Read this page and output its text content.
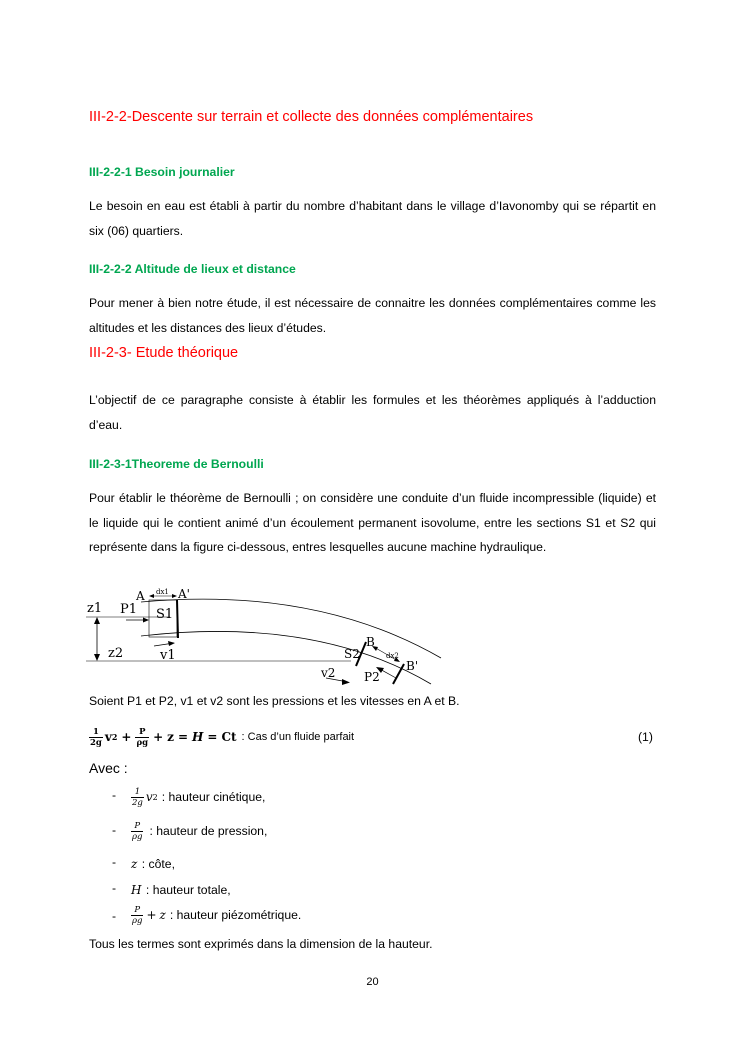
III-2-2-Descente sur terrain et collecte des données complémentaires
III-2-2-1 Besoin journalier
Le besoin en eau est établi à partir du nombre d’habitant dans le village d’Iavonomby qui se répartit en six (06) quartiers.
III-2-2-2 Altitude de lieux et distance
Pour mener à bien notre étude, il est nécessaire de connaitre les données complémentaires comme les altitudes et les distances des lieux d’études.
III-2-3- Etude théorique
L’objectif de ce paragraphe consiste à établir les formules et les théorèmes appliqués à l’adduction d’eau.
III-2-3-1Theoreme de Bernoulli
Pour établir le théorème de Bernoulli ; on considère une conduite d’un fluide incompressible (liquide) et le liquide qui le contient animé d’un écoulement permanent isovolume, entre les sections S1 et S2 qui représente dans la figure ci-dessous, entres lesquelles aucune machine hydraulique.
z1 P1
A	A'
dx1
S1
z2	v1
B
S2	dx2
B'
v2 P2
Soient P1 et P2, v1 et v2 sont les pressions et les vitesses en A et B.
$\frac{1}{2g}$ v $2 + \frac{P}{\rho g} + z = H = Ct$ : Cas d’un fluide parfait	(1)
Avec :
- $\frac{1}{2g}$ v 2 : hauteur cinétique,
- $\frac{P}{\rho g}$ : hauteur de pression,
- z : côte,
- H : hauteur totale,
- $\frac{P}{\rho g} + z$ : hauteur piézométrique.
Tous les termes sont exprimés dans la dimension de la hauteur.
20
